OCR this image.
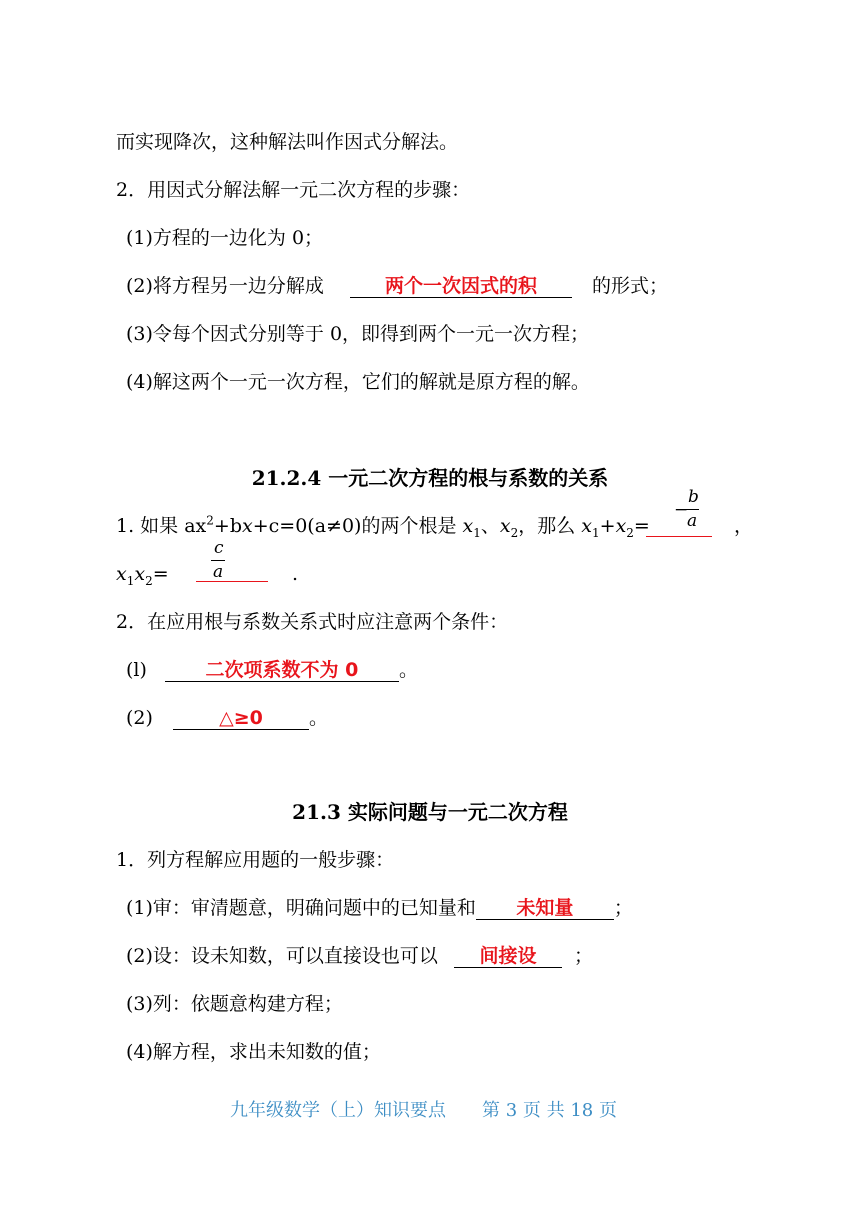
而实现降次，这种解法叫作因式分解法。
2．用因式分解法解一元二次方程的步骤：
(1)方程的一边化为 0；
(2)将方程另一边分解成	两个一次因式的积	的形式；
(3)令每个因式分别等于 0，即得到两个一元一次方程；
(4)解这两个一元一次方程，它们的解就是原方程的解。
21.2.4 一元二次方程的根与系数的关系
−
b
a
1. 如果 $ax^2+bx+c=0(a\ne 0)$的两个根是 $x_1$、$x_2$，那么 $x_1+x_2=$	，
c
a
$x_1x_2=$	.
2．在应用根与系数关系式时应注意两个条件：
(l)	二次项系数不为 0 。
(2)	△≥0 。
21.3 实际问题与一元二次方程
1．列方程解应用题的一般步骤：
(1)审：审清题意，明确问题中的已知量和 未知量 ；
(2)设：设未知数，可以直接设也可以 间接设 ；
(3)列：依题意构建方程；
(4)解方程，求出未知数的值；
九年级数学（上）知识要点 第 3 页 共 18 页
